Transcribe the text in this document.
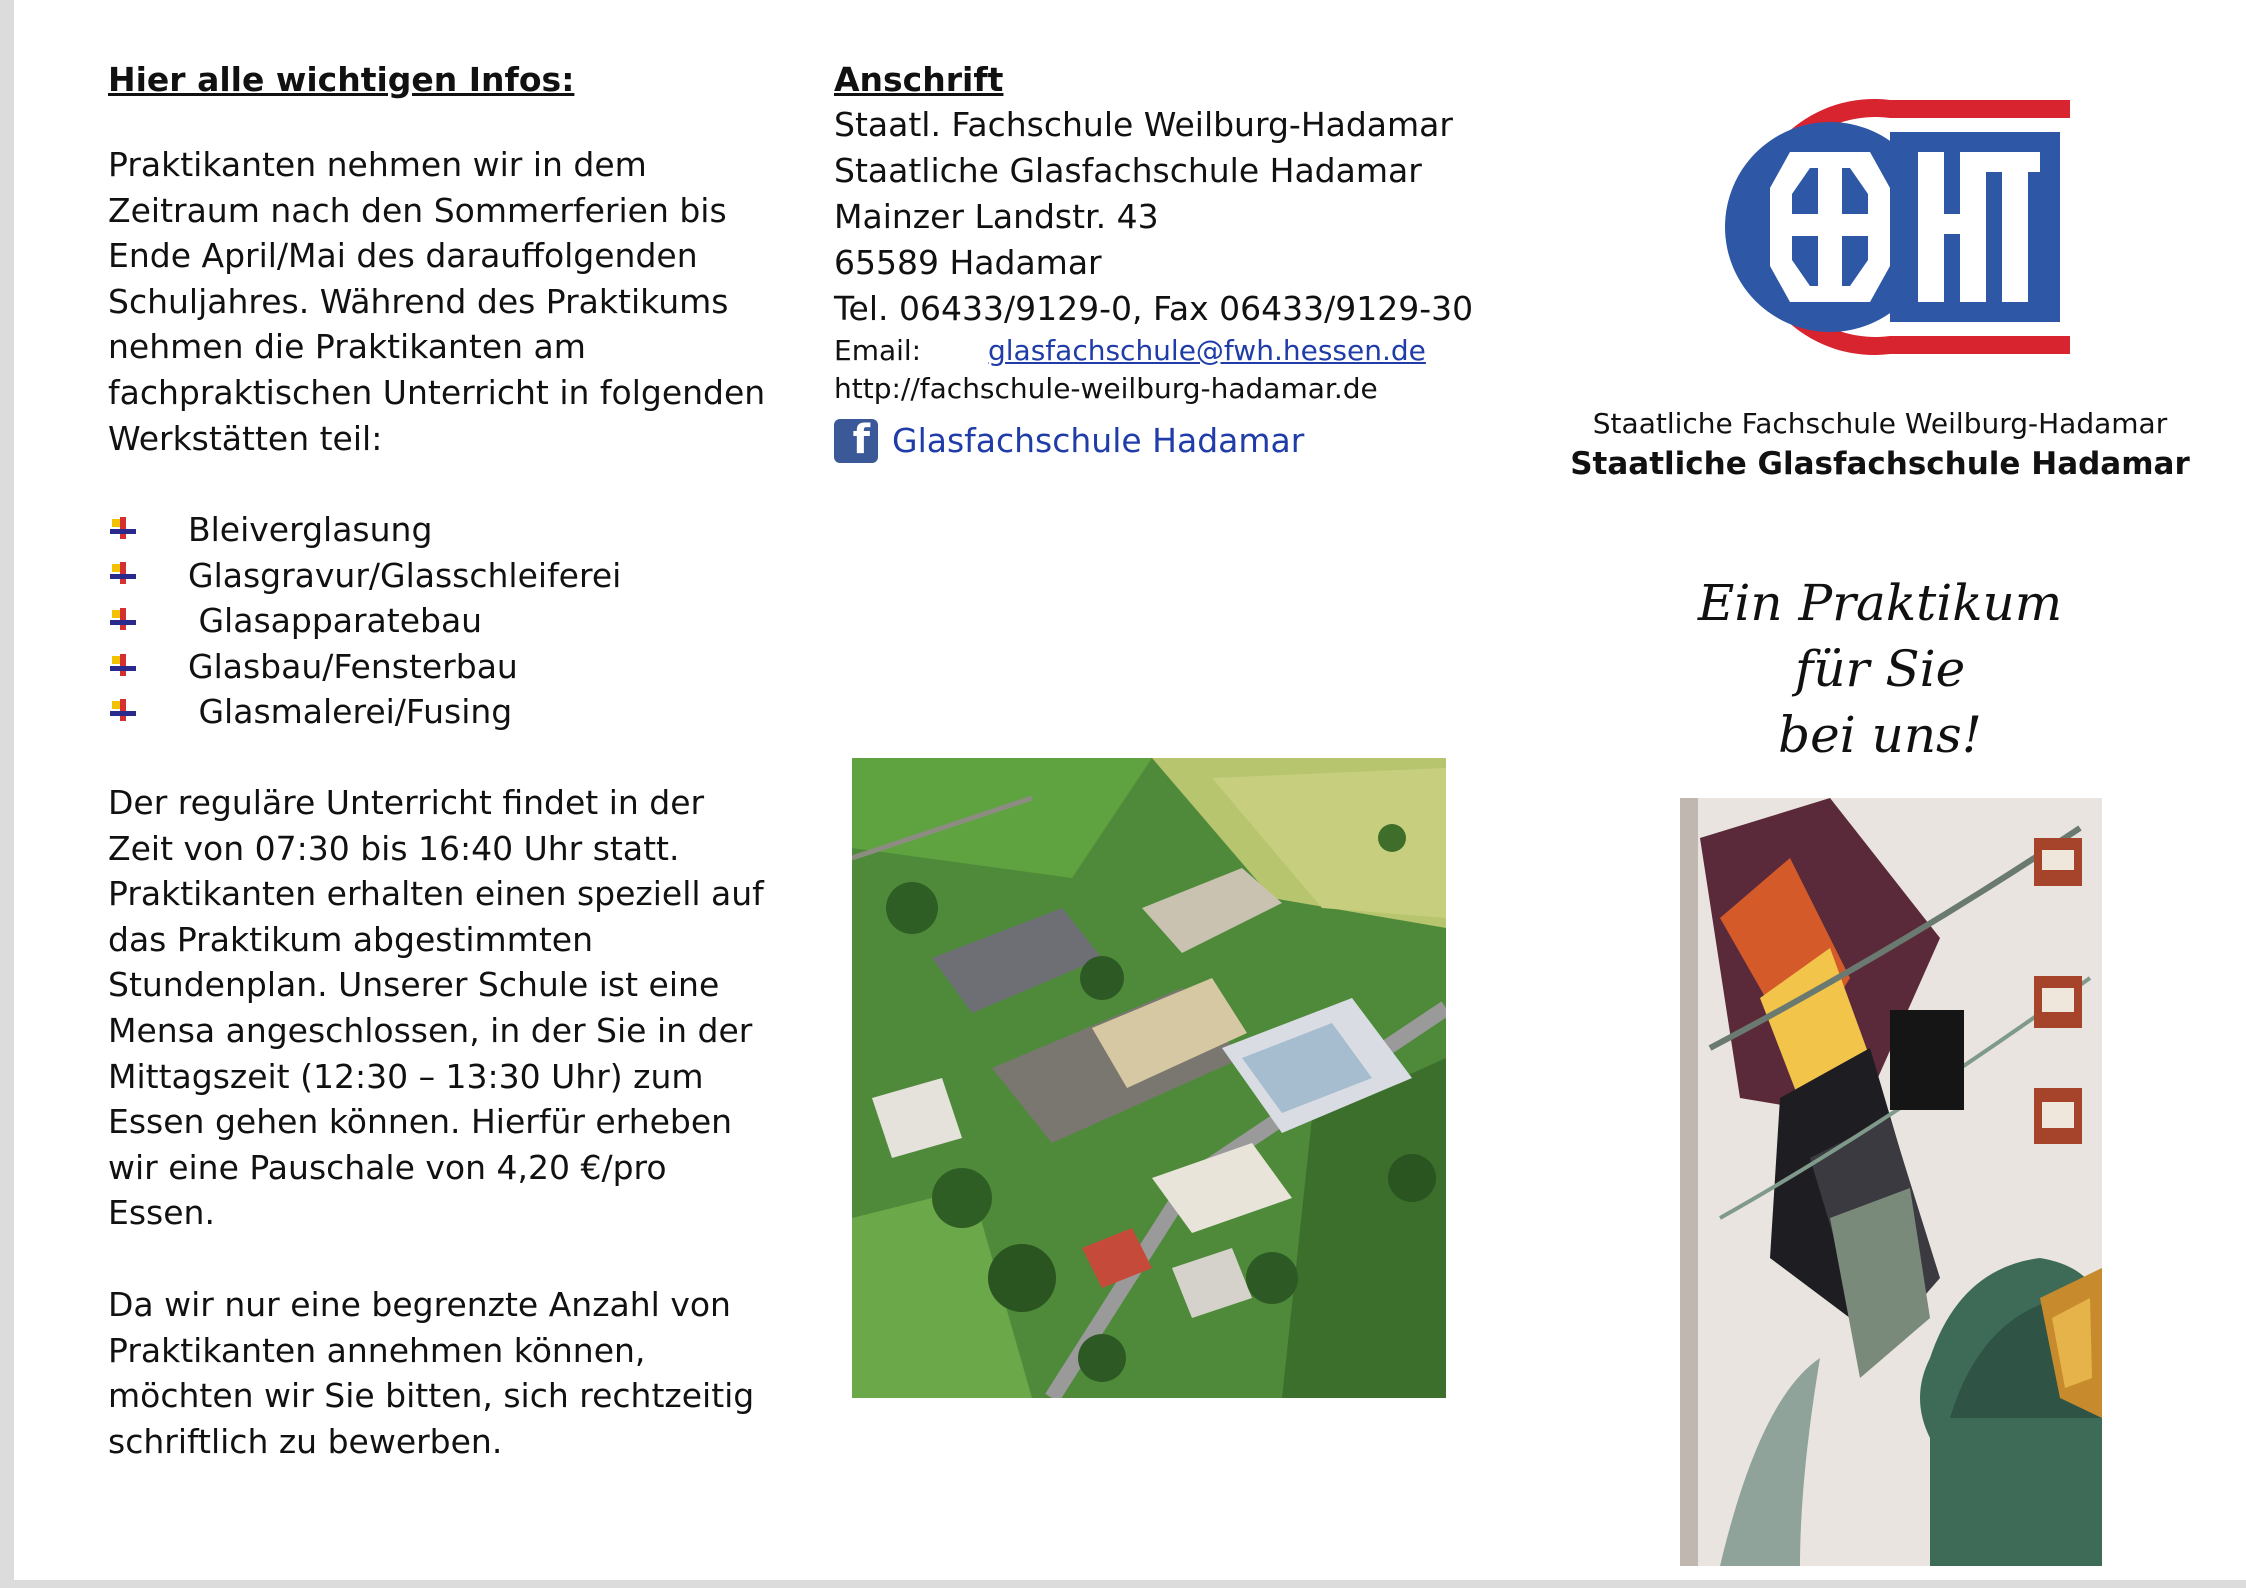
Hier alle wichtigen Infos:

Praktikanten nehmen wir in dem Zeitraum nach den Sommerferien bis Ende April/Mai des darauffolgenden Schuljahres. Während des Praktikums nehmen die Praktikanten am fachpraktischen Unterricht in folgenden Werkstätten teil:

Bleiverglasung
Glasgravur/Glasschleiferei
Glasapparatebau
Glasbau/Fensterbau
Glasmalerei/Fusing

Der reguläre Unterricht findet in der Zeit von 07:30 bis 16:40 Uhr statt. Praktikanten erhalten einen speziell auf das Praktikum abgestimmten Stundenplan. Unserer Schule ist eine Mensa angeschlossen, in der Sie in der Mittagszeit (12:30 – 13:30 Uhr) zum Essen gehen können. Hierfür erheben wir eine Pauschale von 4,20 €/pro Essen.

Da wir nur eine begrenzte Anzahl von Praktikanten annehmen können, möchten wir Sie bitten, sich rechtzeitig schriftlich zu bewerben.

Anschrift
Staatl. Fachschule Weilburg-Hadamar
Staatliche Glasfachschule Hadamar
Mainzer Landstr. 43
65589 Hadamar
Tel. 06433/9129-0, Fax 06433/9129-30
Email: glasfachschule@fwh.hessen.de
http://fachschule-weilburg-hadamar.de
f Glasfachschule Hadamar	Staatliche Fachschule Weilburg-Hadamar
Staatliche Glasfachschule Hadamar
Ein Praktikum
für Sie
bei uns!
